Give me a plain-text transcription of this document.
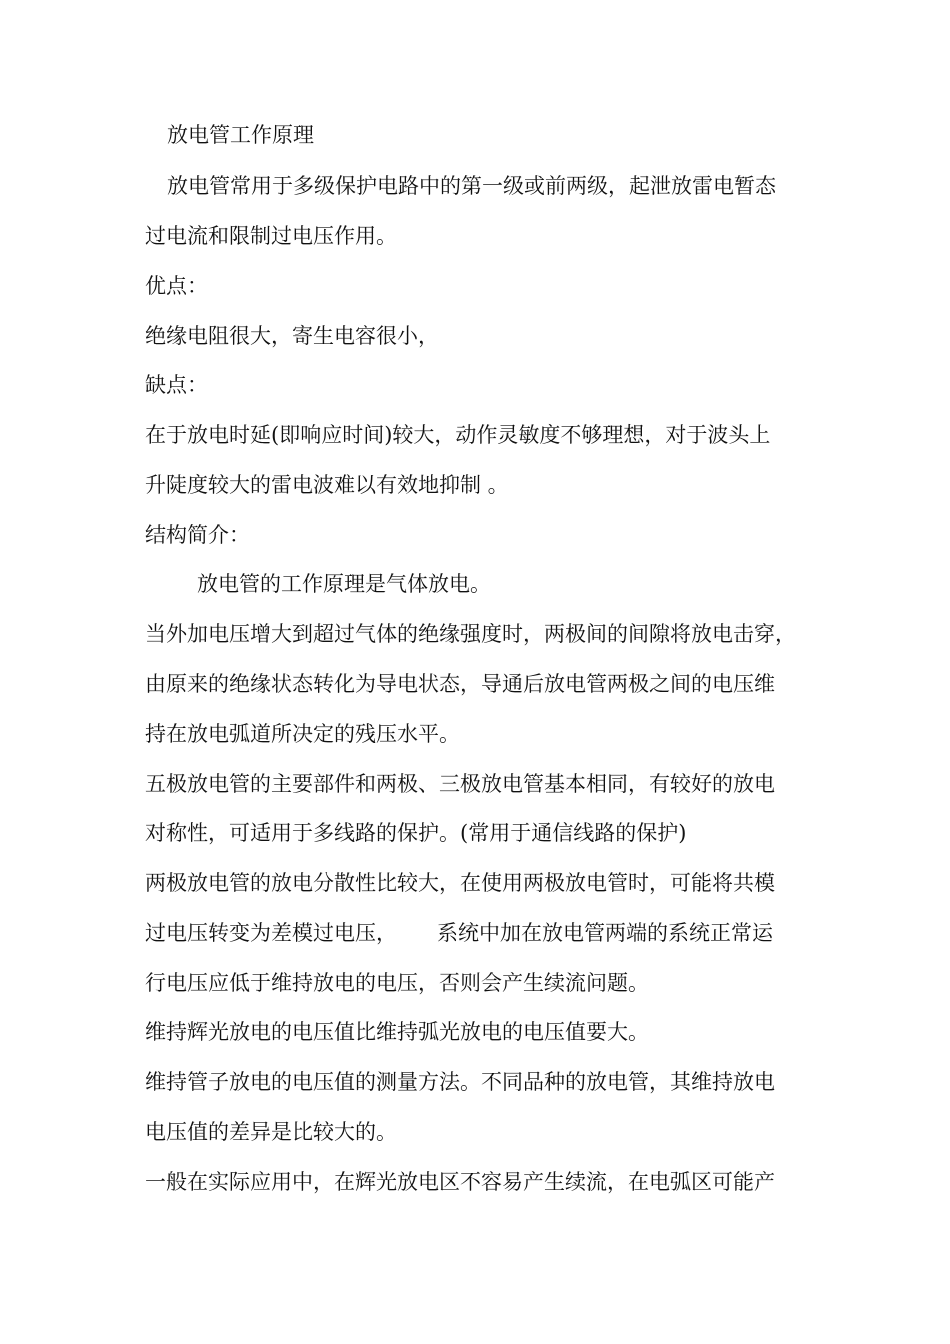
放电管工作原理
放电管常用于多级保护电路中的第一级或前两级，起泄放雷电暂态
过电流和限制过电压作用。
优点：
绝缘电阻很大，寄生电容很小，
缺点：
在于放电时延(即响应时间)较大，动作灵敏度不够理想，对于波头上
升陡度较大的雷电波难以有效地抑制 。
结构简介：
放电管的工作原理是气体放电。
当外加电压增大到超过气体的绝缘强度时，两极间的间隙将放电击穿，
由原来的绝缘状态转化为导电状态，导通后放电管两极之间的电压维
持在放电弧道所决定的残压水平。
五极放电管的主要部件和两极、三极放电管基本相同，有较好的放电
对称性，可适用于多线路的保护。(常用于通信线路的保护)
两极放电管的放电分散性比较大，在使用两极放电管时，可能将共模
过电压转变为差模过电压，      系统中加在放电管两端的系统正常运
行电压应低于维持放电的电压，否则会产生续流问题。
维持辉光放电的电压值比维持弧光放电的电压值要大。
维持管子放电的电压值的测量方法。不同品种的放电管，其维持放电
电压值的差异是比较大的。
一般在实际应用中，在辉光放电区不容易产生续流，在电弧区可能产
